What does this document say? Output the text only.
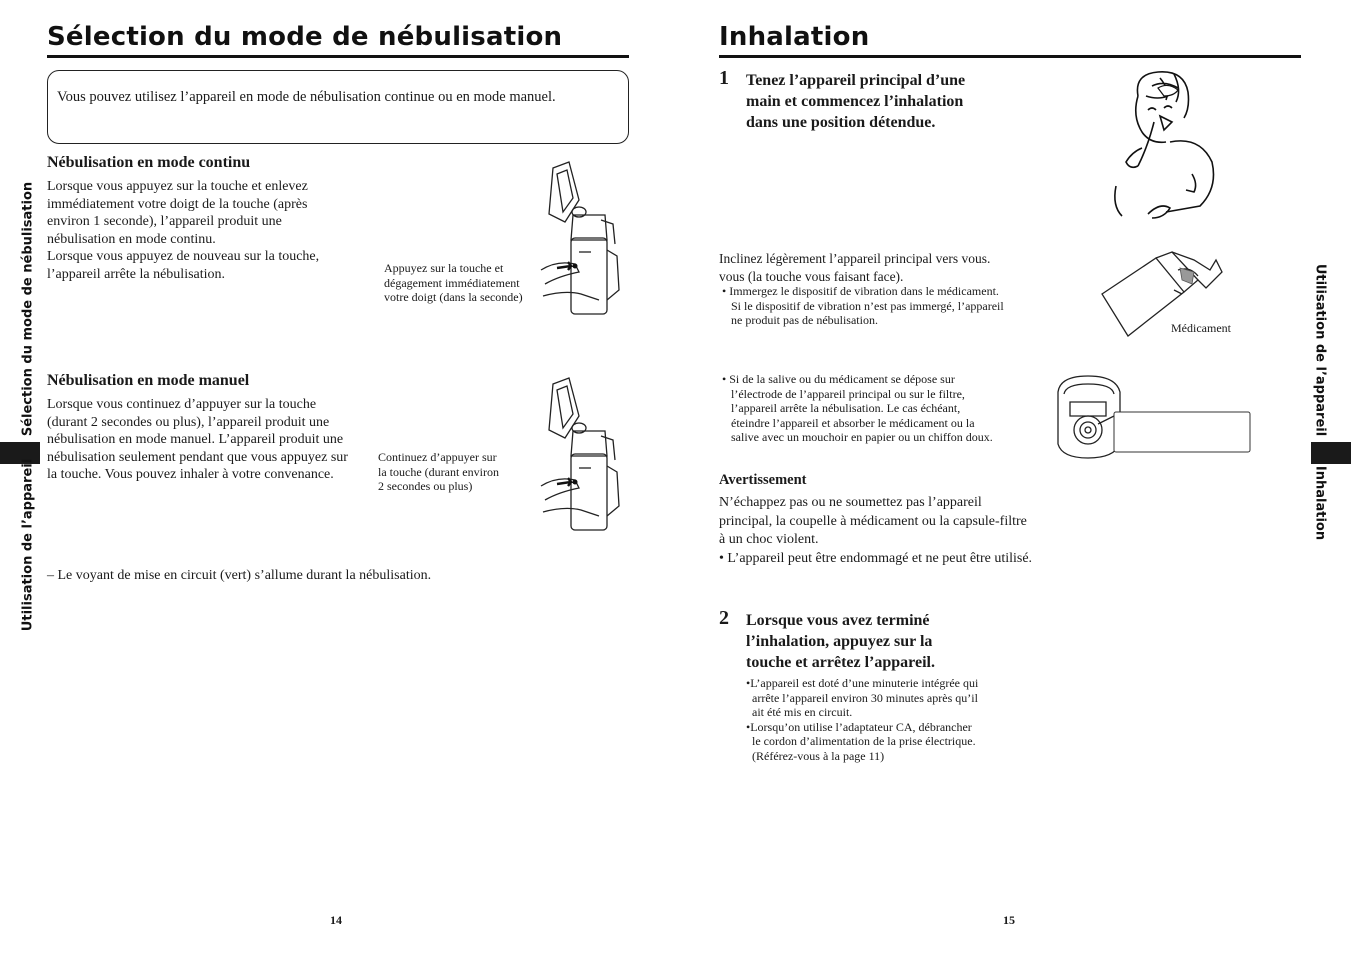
Sélection du mode de nébulisation
Vous pouvez utilisez l’appareil en mode de nébulisation continue ou en mode manuel.
Nébulisation en mode continu
Lorsque vous appuyez sur la touche et enlevez
immédiatement votre doigt de la touche (après
environ 1 seconde), l’appareil produit une
nébulisation en mode continu.
Lorsque vous appuyez de nouveau sur la touche,
l’appareil arrête la nébulisation.	Appuyez sur la touche et
dégagement immédiatement
votre doigt (dans la seconde)
Nébulisation en mode manuel
Lorsque vous continuez d’appuyer sur la touche
(durant 2 secondes ou plus), l’appareil produit une
nébulisation en mode manuel. L’appareil produit une
nébulisation seulement pendant que vous appuyez sur
la touche. Vous pouvez inhaler à votre convenance.
Continuez d’appuyer sur
la touche (durant environ
2 secondes ou plus)
– Le voyant de mise en circuit (vert) s’allume durant la nébulisation.
Utilisation de l’appareil
Sélection du mode de nébulisation
14
Inhalation
1 Tenez l’appareil principal d’une
main et commencez l’inhalation
dans une position détendue.
Inclinez légèrement l’appareil principal vers vous.
vous (la touche vous faisant face).
• Immergez le dispositif de vibration dans le médicament.
Si le dispositif de vibration n’est pas immergé, l’appareil
ne produit pas de nébulisation.
Médicament
• Si de la salive ou du médicament se dépose sur
l’électrode de l’appareil principal ou sur le filtre,
l’appareil arrête la nébulisation. Le cas échéant,
éteindre l’appareil et absorber le médicament ou la
salive avec un mouchoir en papier ou un chiffon doux.
Avertissement
N’échappez pas ou ne soumettez pas l’appareil
principal, la coupelle à médicament ou la capsule-filtre
à un choc violent.
• L’appareil peut être endommagé et ne peut être utilisé.
2 Lorsque vous avez terminé
l’inhalation, appuyez sur la
touche et arrêtez l’appareil.
•L’appareil est doté d’une minuterie intégrée qui
arrête l’appareil environ 30 minutes après qu’il
ait été mis en circuit.
•Lorsqu’on utilise l’adaptateur CA, débrancher
le cordon d’alimentation de la prise électrique.
(Référez-vous à la page 11)
Utilisation de l’appareil
Inhalation
15
